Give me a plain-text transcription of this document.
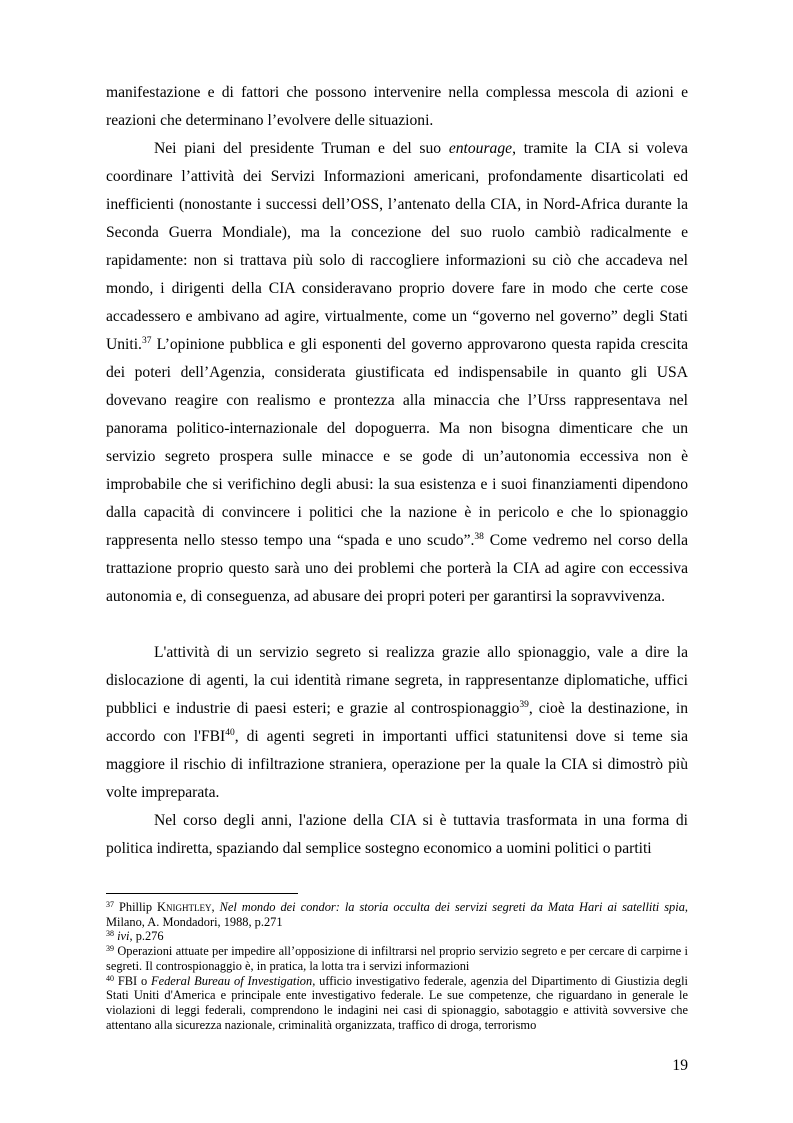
manifestazione e di fattori che possono intervenire nella complessa mescola di azioni e reazioni che determinano l’evolvere delle situazioni.

Nei piani del presidente Truman e del suo entourage, tramite la CIA si voleva coordinare l’attività dei Servizi Informazioni americani, profondamente disarticolati ed inefficienti (nonostante i successi dell’OSS, l’antenato della CIA, in Nord-Africa durante la Seconda Guerra Mondiale), ma la concezione del suo ruolo cambiò radicalmente e rapidamente: non si trattava più solo di raccogliere informazioni su ciò che accadeva nel mondo, i dirigenti della CIA consideravano proprio dovere fare in modo che certe cose accadessero e ambivano ad agire, virtualmente, come un “governo nel governo” degli Stati Uniti.$^{37}$ L’opinione pubblica e gli esponenti del governo approvarono questa rapida crescita dei poteri dell’Agenzia, considerata giustificata ed indispensabile in quanto gli USA dovevano reagire con realismo e prontezza alla minaccia che l’Urss rappresentava nel panorama politico-internazionale del dopoguerra. Ma non bisogna dimenticare che un servizio segreto prospera sulle minacce e se gode di un’autonomia eccessiva non è improbabile che si verifichino degli abusi: la sua esistenza e i suoi finanziamenti dipendono dalla capacità di convincere i politici che la nazione è in pericolo e che lo spionaggio rappresenta nello stesso tempo una “spada e uno scudo”.$^{38}$ Come vedremo nel corso della trattazione proprio questo sarà uno dei problemi che porterà la CIA ad agire con eccessiva autonomia e, di conseguenza, ad abusare dei propri poteri per garantirsi la sopravvivenza.

L'attività di un servizio segreto si realizza grazie allo spionaggio, vale a dire la dislocazione di agenti, la cui identità rimane segreta, in rappresentanze diplomatiche, uffici pubblici e industrie di paesi esteri; e grazie al controspionaggio$^{39}$, cioè la destinazione, in accordo con l'FBI$^{40}$, di agenti segreti in importanti uffici statunitensi dove si teme sia maggiore il rischio di infiltrazione straniera, operazione per la quale la CIA si dimostrò più volte impreparata.

Nel corso degli anni, l'azione della CIA si è tuttavia trasformata in una forma di politica indiretta, spaziando dal semplice sostegno economico a uomini politici o partiti

$^{37}$ Phillip Knightley, Nel mondo dei condor: la storia occulta dei servizi segreti da Mata Hari ai satelliti spia, Milano, A. Mondadori, 1988, p.271

$^{38}$ ivi, p.276

$^{39}$ Operazioni attuate per impedire all’opposizione di infiltrarsi nel proprio servizio segreto e per cercare di carpirne i segreti. Il controspionaggio è, in pratica, la lotta tra i servizi informazioni

$^{40}$ FBI o Federal Bureau of Investigation, ufficio investigativo federale, agenzia del Dipartimento di Giustizia degli Stati Uniti d'America e principale ente investigativo federale. Le sue competenze, che riguardano in generale le violazioni di leggi federali, comprendono le indagini nei casi di spionaggio, sabotaggio e attività sovversive che attentano alla sicurezza nazionale, criminalità organizzata, traffico di droga, terrorismo

19
